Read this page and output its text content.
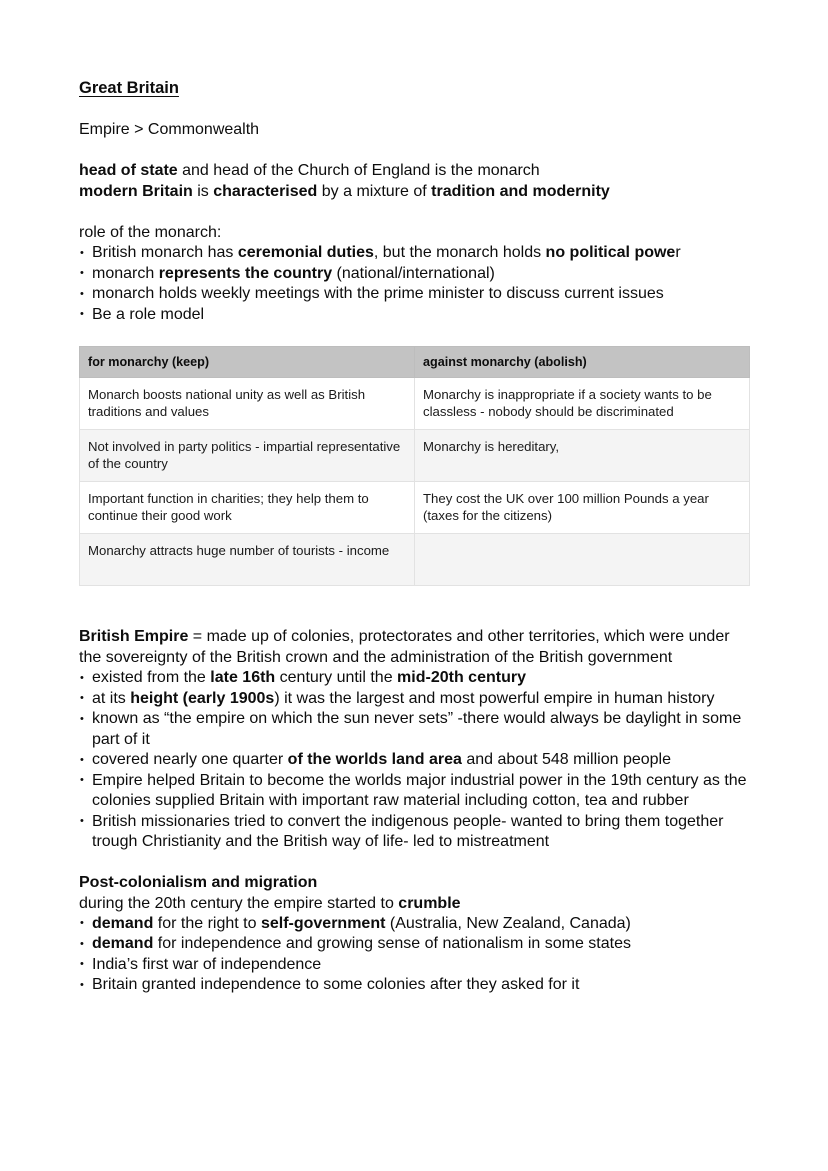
Great Britain

Empire > Commonwealth

head of state and head of the Church of England is the monarch

modern Britain is characterised by a mixture of tradition and modernity

role of the monarch:

• British monarch has ceremonial duties, but the monarch holds no political power
• monarch represents the country (national/international)
• monarch holds weekly meetings with the prime minister to discuss current issues
• Be a role model
for monarchy (keep)	against monarchy (abolish)
Monarch boosts national unity as well as British traditions and values	Monarchy is inappropriate if a society wants to be classless - nobody should be discriminated
Not involved in party politics - impartial representative of the country	Monarchy is hereditary,
Important function in charities; they help them to continue their good work	They cost the UK over 100 million Pounds a year (taxes for the citizens)
Monarchy attracts huge number of tourists - income	

British Empire = made up of colonies, protectorates and other territories, which were under the sovereignty of the British crown and the administration of the British government

• existed from the late 16th century until the mid-20th century
• at its height (early 1900s) it was the largest and most powerful empire in human history
• known as “the empire on which the sun never sets” -there would always be daylight in some part of it
• covered nearly one quarter of the worlds land area and about 548 million people
• Empire helped Britain to become the worlds major industrial power in the 19th century as the colonies supplied Britain with important raw material including cotton, tea and rubber
• British missionaries tried to convert the indigenous people- wanted to bring them together trough Christianity and the British way of life- led to mistreatment

Post-colonialism and migration

during the 20th century the empire started to crumble

• demand for the right to self-government (Australia, New Zealand, Canada)
• demand for independence and growing sense of nationalism in some states
• India’s first war of independence
• Britain granted independence to some colonies after they asked for it
